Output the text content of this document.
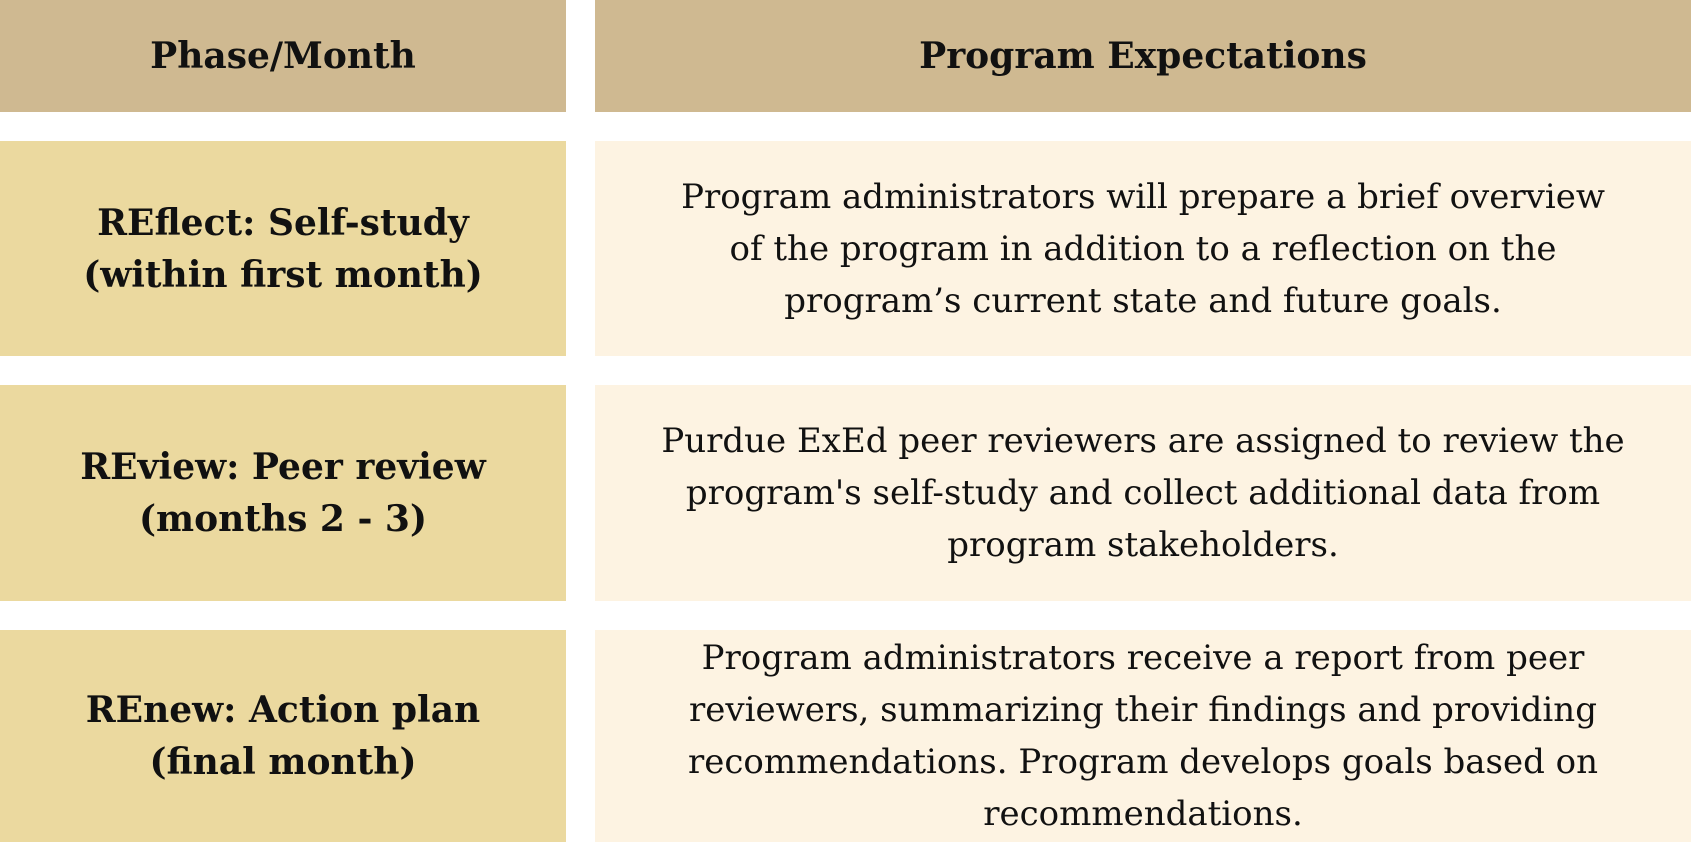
Phase/Month	Program Expectations
REflect: Self-study
(within first month)
Program administrators will prepare a brief overview of the program in addition to a reflection on the program’s current state and future goals.
REview: Peer review
(months 2 - 3)
Purdue ExEd peer reviewers are assigned to review the program's self-study and collect additional data from program stakeholders.
REnew: Action plan
(final month)
Program administrators receive a report from peer reviewers, summarizing their findings and providing recommendations. Program develops goals based on recommendations.
